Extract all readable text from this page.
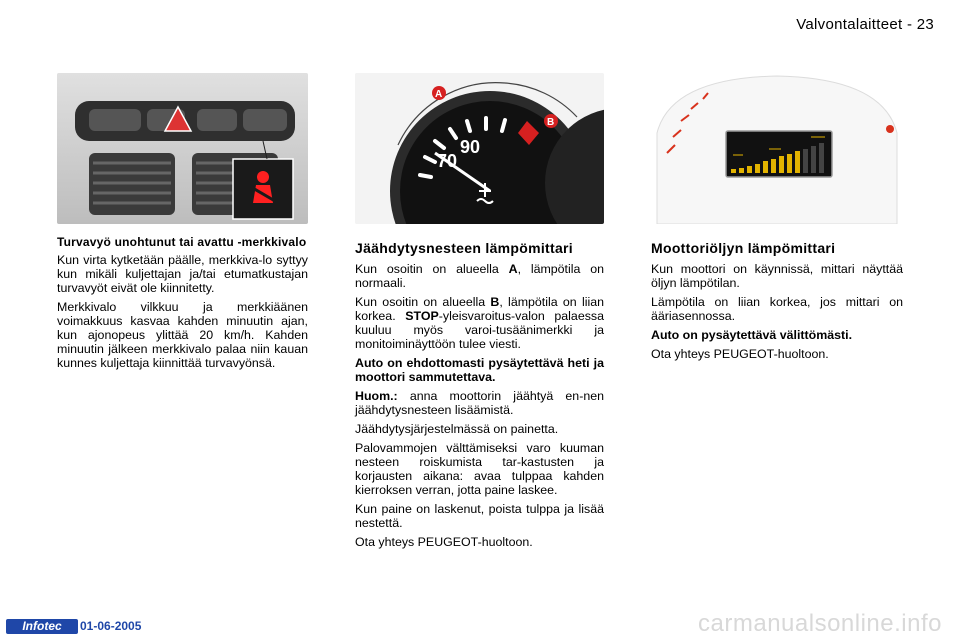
Valvontalaitteet - 23
70
90
A
B
Turvavyö unohtunut tai avattu -merkkivalo

Kun virta kytketään päälle, merkkiva-lo syttyy kun mikäli kuljettajan ja/tai etumatkustajan turvavyöt eivät ole kiinnitetty.

Merkkivalo vilkkuu ja merkkiäänen voimakkuus kasvaa kahden minuutin ajan, kun ajonopeus ylittää 20 km/h. Kahden minuutin jälkeen merkkivalo palaa niin kauan kunnes kuljettaja kiinnittää turvavyönsä.

Jäähdytysnesteen lämpömittari

Kun osoitin on alueella A, lämpötila on normaali.

Kun osoitin on alueella B, lämpötila on liian korkea. STOP-yleisvaroitus-valon palaessa kuuluu myös varoi-tusäänimerkki ja monitoiminäyttöön tulee viesti.

Auto on ehdottomasti pysäytettävä heti ja moottori sammutettava.

Huom.: anna moottorin jäähtyä en-nen jäähdytysnesteen lisäämistä.

Jäähdytysjärjestelmässä on painetta.

Palovammojen välttämiseksi varo kuuman nesteen roiskumista tar-kastusten ja korjausten aikana: avaa tulppaa kahden kierroksen verran, jotta paine laskee.

Kun paine on laskenut, poista tulppa ja lisää nestettä.

Ota yhteys PEUGEOT-huoltoon.

Moottoriöljyn lämpömittari

Kun moottori on käynnissä, mittari näyttää öljyn lämpötilan.

Lämpötila on liian korkea, jos mittari on ääriasennossa.

Auto on pysäytettävä välittömästi.

Ota yhteys PEUGEOT-huoltoon.

Infotec	01-06-2005	carmanualsonline.info
